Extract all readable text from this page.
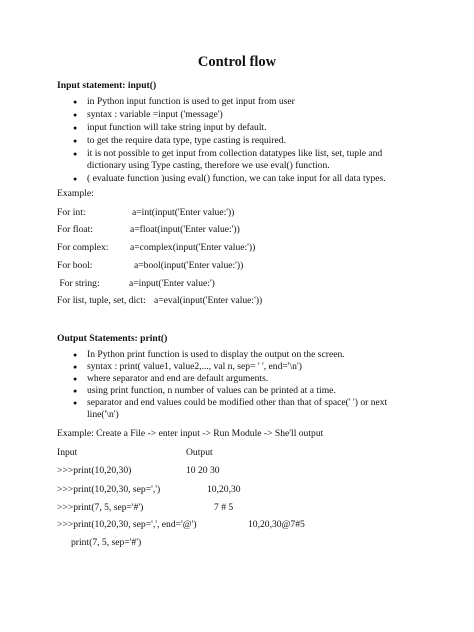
Control flow
Input statement: input()
● in Python input function is used to get input from user
● syntax : variable =input ('message')
● input function will take string input by default.
● to get the require data type, type casting is required.
● it is not possible to get input from collection datatypes like list, set, tuple and dictionary using Type casting, therefore we use eval() function.
● ( evaluate function )using eval() function, we can take input for all data types.
Example:
For int:	a=int(input('Enter value:'))
For float:	a=float(input('Enter value:'))
For complex: a=complex(input('Enter value:'))
For bool:	a=bool(input('Enter value:'))
For string:	a=input('Enter value:')
For list, tuple, set, dict: a=eval(input('Enter value:'))
Output Statements: print()
● In Python print function is used to display the output on the screen.
● syntax : print( value1, value2,..., val n, sep= ' ', end='\n')
● where separator and end are default arguments.
● using print function, n number of values can be printed at a time.
● separator and end values could be modified other than that of space(' ') or next line('\n')
Example: Create a File -> enter input -> Run Module -> She'll output
Input	Output
>>>print(10,20,30)	10 20 30
>>>print(10,20,30, sep=',')	10,20,30
>>>print(7, 5, sep='#')	7 # 5
>>>print(10,20,30, sep=',', end='@')	10,20,30@7#5
print(7, 5, sep='#')
